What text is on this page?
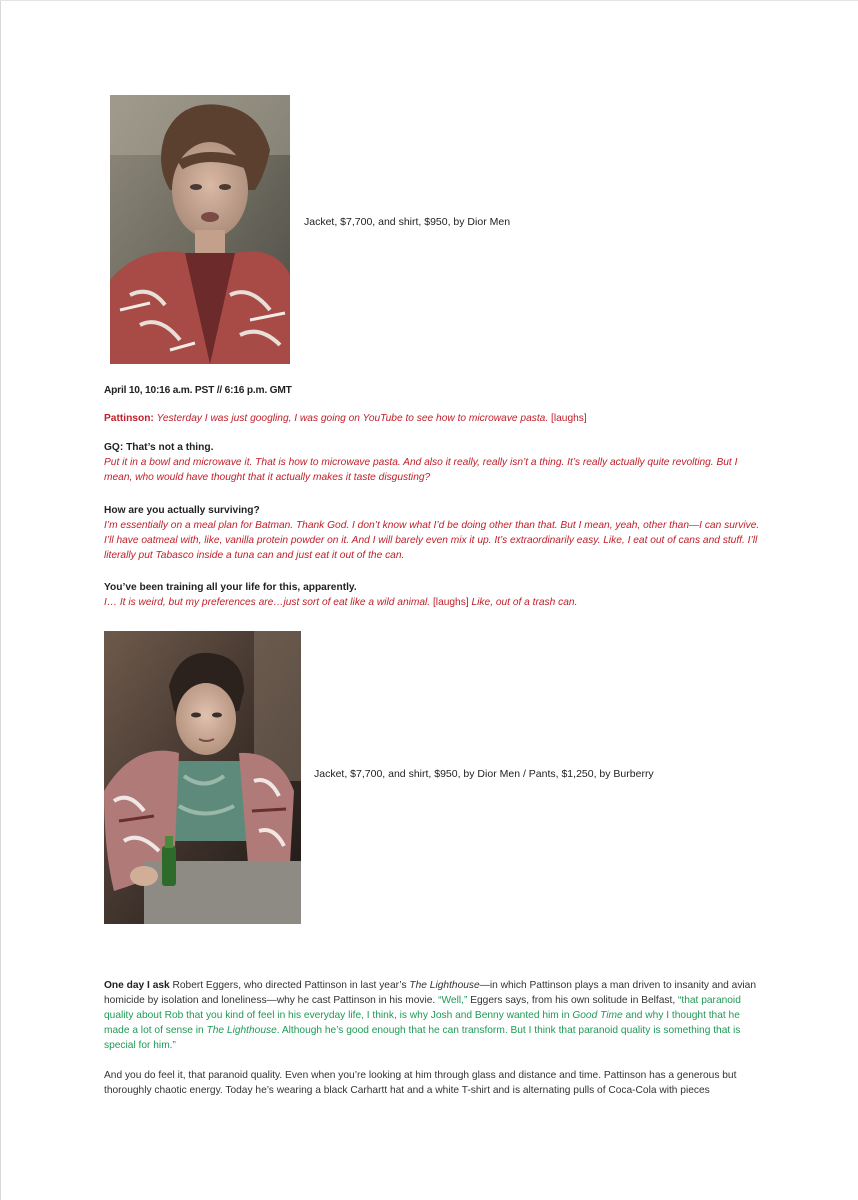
Jacket, $7,700, and shirt, $950, by Dior Men
April 10, 10:16 a.m. PST // 6:16 p.m. GMT
Pattinson: Yesterday I was just googling, I was going on YouTube to see how to microwave pasta. [laughs]
GQ: That’s not a thing.
Put it in a bowl and microwave it. That is how to microwave pasta. And also it really, really isn’t a thing. It’s really actually quite revolting. But I mean, who would have thought that it actually makes it taste disgusting?
How are you actually surviving?
I’m essentially on a meal plan for Batman. Thank God. I don’t know what I’d be doing other than that. But I mean, yeah, other than—I can survive. I’ll have oatmeal with, like, vanilla protein powder on it. And I will barely even mix it up. It’s extraordinarily easy. Like, I eat out of cans and stuff. I’ll literally put Tabasco inside a tuna can and just eat it out of the can.
You’ve been training all your life for this, apparently.
I… It is weird, but my preferences are…just sort of eat like a wild animal. [laughs] Like, out of a trash can.
Jacket, $7,700, and shirt, $950, by Dior Men / Pants, $1,250, by Burberry
One day I ask Robert Eggers, who directed Pattinson in last year’s The Lighthouse—in which Pattinson plays a man driven to insanity and avian homicide by isolation and loneliness—why he cast Pattinson in his movie. “Well,” Eggers says, from his own solitude in Belfast, “that paranoid quality about Rob that you kind of feel in his everyday life, I think, is why Josh and Benny wanted him in Good Time and why I thought that he made a lot of sense in The Lighthouse. Although he’s good enough that he can transform. But I think that paranoid quality is something that is special for him.”
And you do feel it, that paranoid quality. Even when you’re looking at him through glass and distance and time. Pattinson has a generous but thoroughly chaotic energy. Today he’s wearing a black Carhartt hat and a white T-shirt and is alternating pulls of Coca-Cola with pieces
